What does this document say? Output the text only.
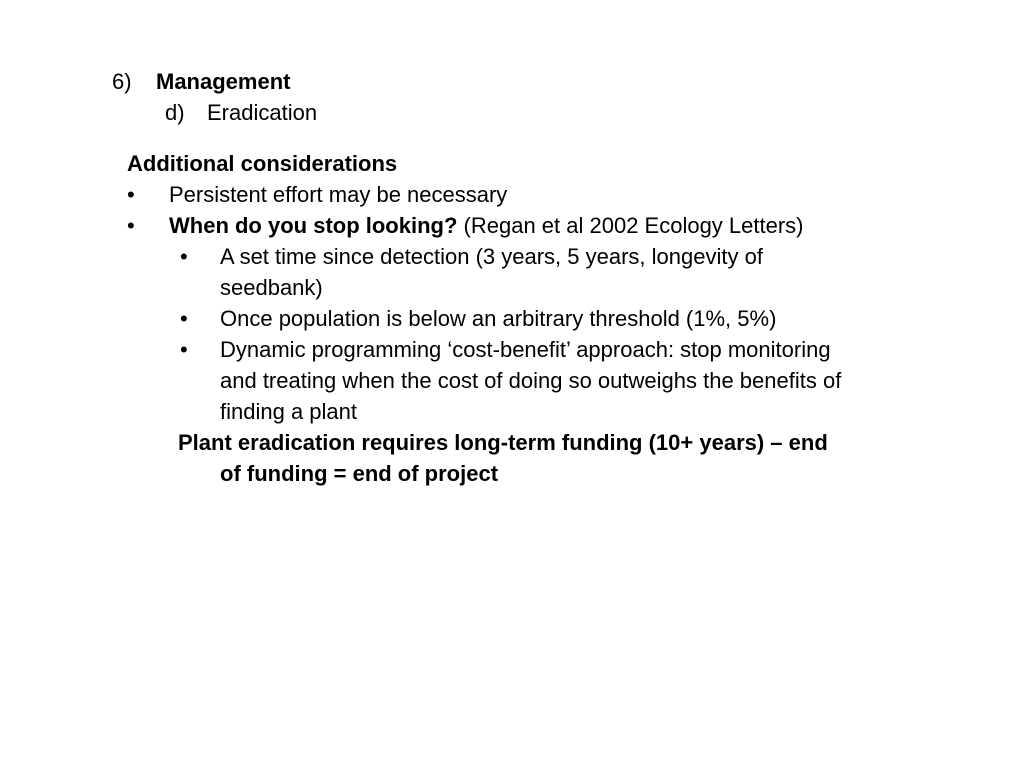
6) Management
d) Eradication
Additional considerations
• Persistent effort may be necessary
• When do you stop looking? (Regan et al 2002 Ecology Letters)
• A set time since detection (3 years, 5 years, longevity of
seedbank)
• Once population is below an arbitrary threshold (1%, 5%)
• Dynamic programming ‘cost-benefit’ approach: stop monitoring
and treating when the cost of doing so outweighs the benefits of
finding a plant
Plant eradication requires long-term funding (10+ years) – end
of funding = end of project
